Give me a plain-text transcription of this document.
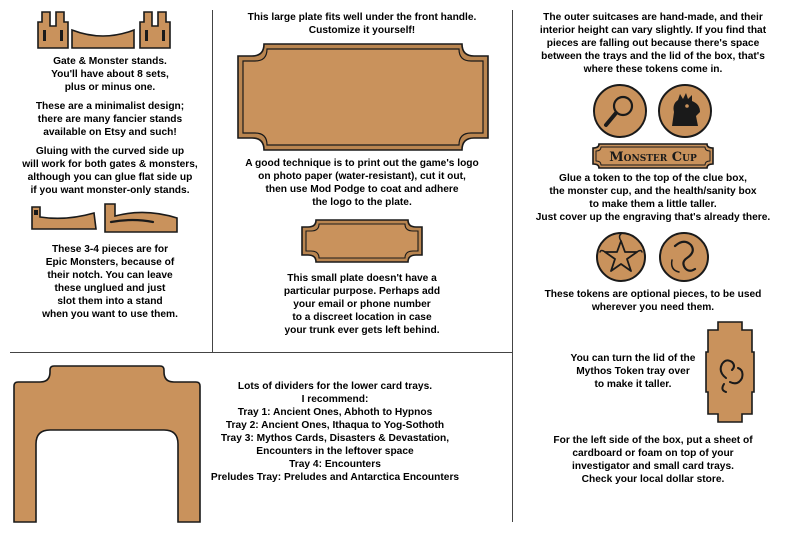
Gate & Monster stands.
You'll have about 8 sets,
plus or minus one.
These are a minimalist design;
there are many fancier stands
available on Etsy and such!
Gluing with the curved side up
will work for both gates & monsters,
although you can glue flat side up
if you want monster-only stands.
These 3-4 pieces are for
Epic Monsters, because of
their notch. You can leave
these unglued and just
slot them into a stand
when you want to use them.
This large plate fits well under the front handle.
Customize it yourself!
A good technique is to print out the game's logo
on photo paper (water-resistant), cut it out,
then use Mod Podge to coat and adhere
the logo to the plate.
This small plate doesn't have a
particular purpose. Perhaps add
your email or phone number
to a discreet location in case
your trunk ever gets left behind.
The outer suitcases are hand-made, and their
interior height can vary slightly. If you find that
pieces are falling out because there's space
between the trays and the lid of the box, that's
where these tokens come in.
Monster Cup
Glue a token to the top of the clue box,
the monster cup, and the health/sanity box
to make them a little taller.
Just cover up the engraving that's already there.
These tokens are optional pieces, to be used
wherever you need them.
You can turn the lid of the
Mythos Token tray over
to make it taller.
For the left side of the box, put a sheet of
cardboard or foam on top of your
investigator and small card trays.
Check your local dollar store.
Lots of dividers for the lower card trays.
I recommend:
Tray 1: Ancient Ones, Abhoth to Hypnos
Tray 2: Ancient Ones, Ithaqua to Yog-Sothoth
Tray 3: Mythos Cards, Disasters & Devastation,
Encounters in the leftover space
Tray 4: Encounters
Preludes Tray: Preludes and Antarctica Encounters
